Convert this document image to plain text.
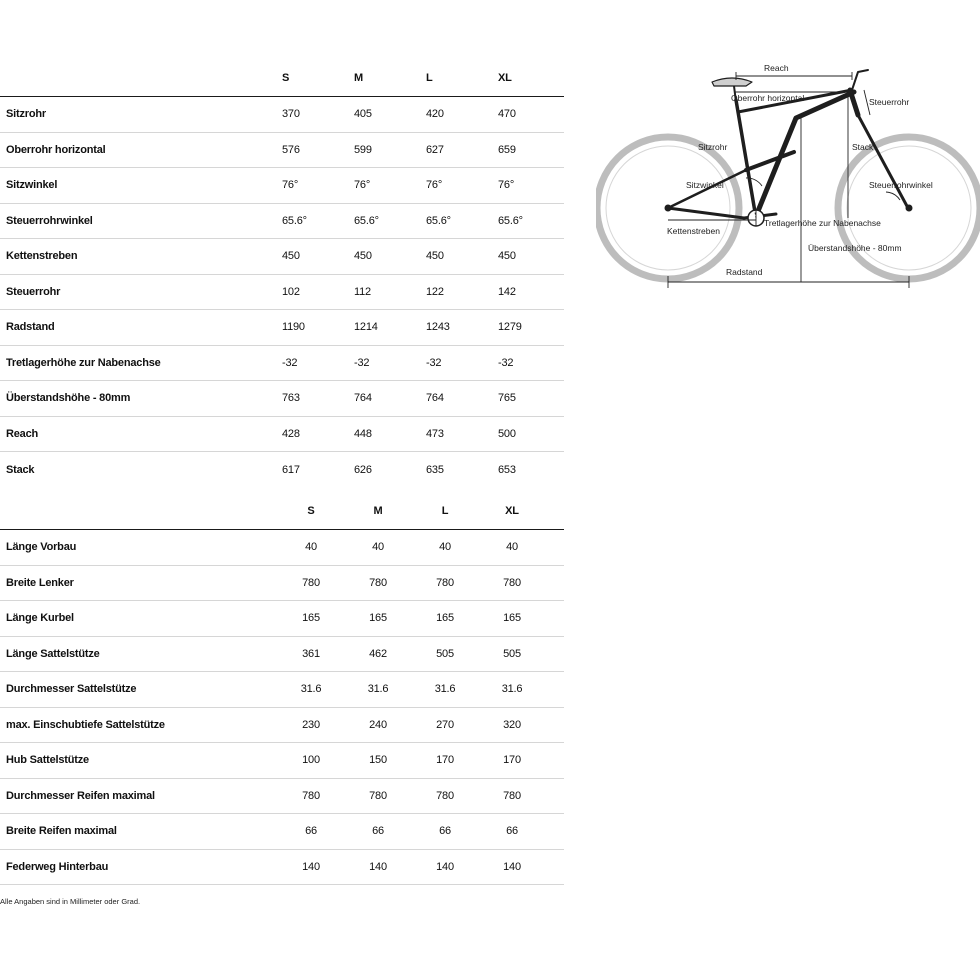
	S	M	L	XL
Sitzrohr	370	405	420	470
Oberrohr horizontal	576	599	627	659
Sitzwinkel	76°	76°	76°	76°
Steuerrohrwinkel	65.6°	65.6°	65.6°	65.6°
Kettenstreben	450	450	450	450
Steuerrohr	102	112	122	142
Radstand	1190	1214	1243	1279
Tretlagerhöhe zur Nabenachse	-32	-32	-32	-32
Überstandshöhe - 80mm	763	764	764	765
Reach	428	448	473	500
Stack	617	626	635	653
	S	M	L	XL	
Länge Vorbau	40	40	40	40	
Breite Lenker	780	780	780	780	
Länge Kurbel	165	165	165	165	
Länge Sattelstütze	361	462	505	505	
Durchmesser Sattelstütze	31.6	31.6	31.6	31.6	
max. Einschubtiefe Sattelstütze	230	240	270	320	
Hub Sattelstütze	100	150	170	170	
Durchmesser Reifen maximal	780	780	780	780	
Breite Reifen maximal	66	66	66	66	
Federweg Hinterbau	140	140	140	140	
Alle Angaben sind in Millimeter oder Grad.
Reach
Oberrohr horizontal	Steuerrohr
Sitzrohr	Stack
Sitzwinkel	Steuerrohrwinkel
Kettenstreben
Tretlagerhöhe zur Nabenachse
Überstandshöhe - 80mm
Radstand
